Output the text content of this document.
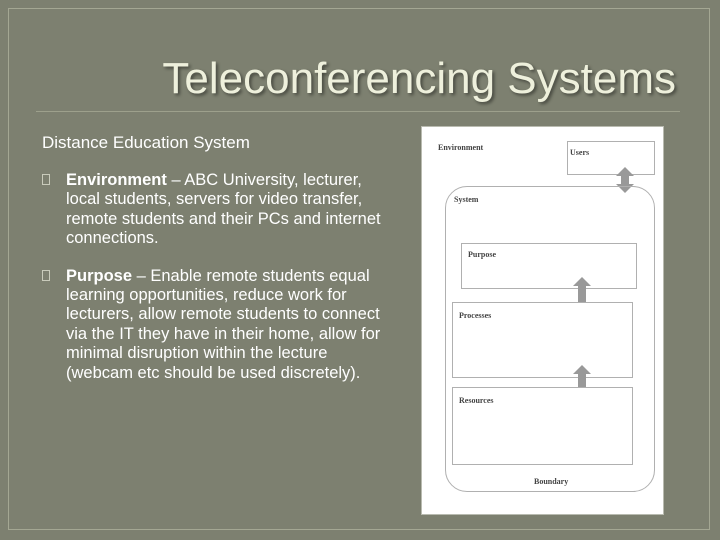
Teleconferencing Systems
Distance Education System
Environment – ABC University, lecturer, local students, servers for video transfer, remote students and their PCs and internet connections.
Purpose – Enable remote students equal learning opportunities, reduce work for lecturers, allow remote students to connect via the IT they have in their home, allow for minimal disruption within the lecture (webcam etc should be used discretely).
Environment
Users
System
Purpose
Processes
Resources
Boundary
